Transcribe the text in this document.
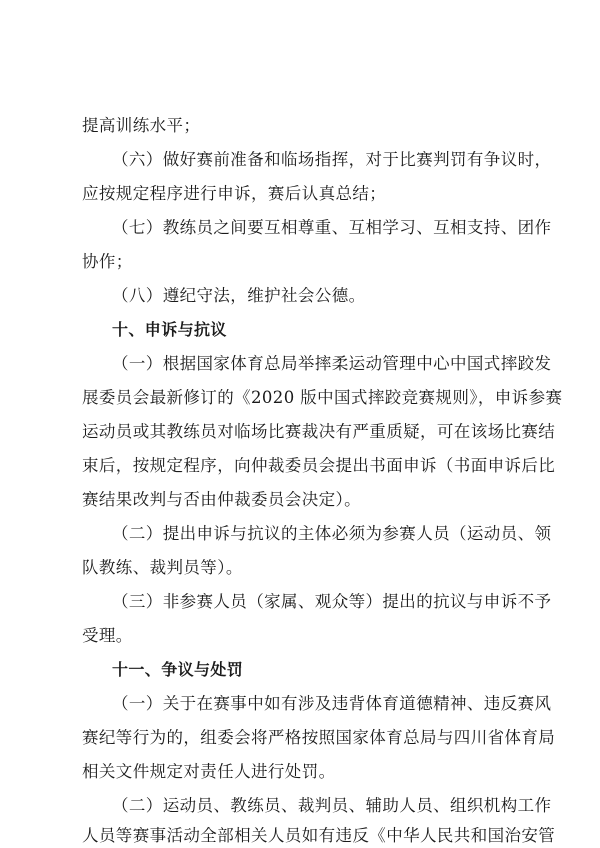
提高训练水平；
（六）做好赛前准备和临场指挥，对于比赛判罚有争议时，
应按规定程序进行申诉，赛后认真总结；
（七）教练员之间要互相尊重、互相学习、互相支持、团作
协作；
（八）遵纪守法，维护社会公德。
十、申诉与抗议
（一）根据国家体育总局举摔柔运动管理中心中国式摔跤发
展委员会最新修订的《2020 版中国式摔跤竞赛规则》，申诉参赛
运动员或其教练员对临场比赛裁决有严重质疑，可在该场比赛结
束后，按规定程序，向仲裁委员会提出书面申诉（书面申诉后比
赛结果改判与否由仲裁委员会决定）。
（二）提出申诉与抗议的主体必须为参赛人员（运动员、领
队教练、裁判员等）。
（三）非参赛人员（家属、观众等）提出的抗议与申诉不予
受理。
十一、争议与处罚
（一）关于在赛事中如有涉及违背体育道德精神、违反赛风
赛纪等行为的，组委会将严格按照国家体育总局与四川省体育局
相关文件规定对责任人进行处罚。
（二）运动员、教练员、裁判员、辅助人员、组织机构工作
人员等赛事活动全部相关人员如有违反《中华人民共和国治安管
